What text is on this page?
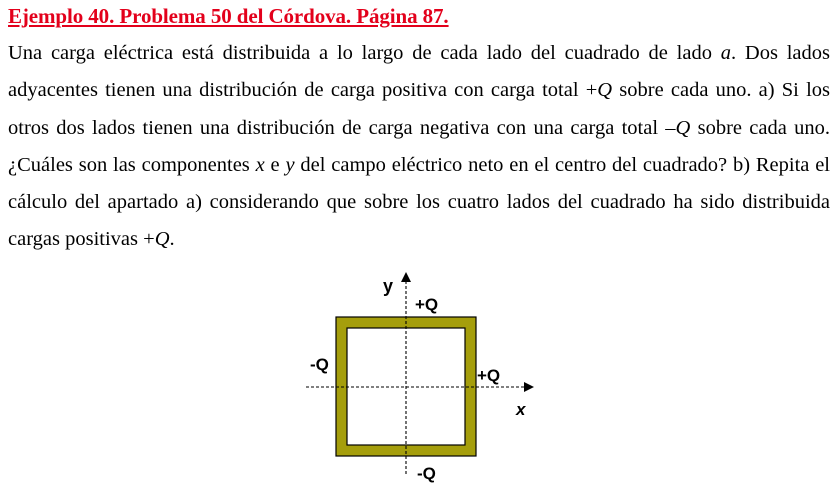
Ejemplo 40. Problema 50 del Córdova. Página 87.
Una carga eléctrica está distribuida a lo largo de cada lado del cuadrado de lado a. Dos lados adyacentes tienen una distribución de carga positiva con carga total +Q sobre cada uno. a) Si los otros dos lados tienen una distribución de carga negativa con una carga total –Q sobre cada uno. ¿Cuáles son las componentes x e y del campo eléctrico neto en el centro del cuadrado? b) Repita el cálculo del apartado a) considerando que sobre los cuatro lados del cuadrado ha sido distribuida cargas positivas +Q.
y
x
+Q
-Q
+Q
-Q
